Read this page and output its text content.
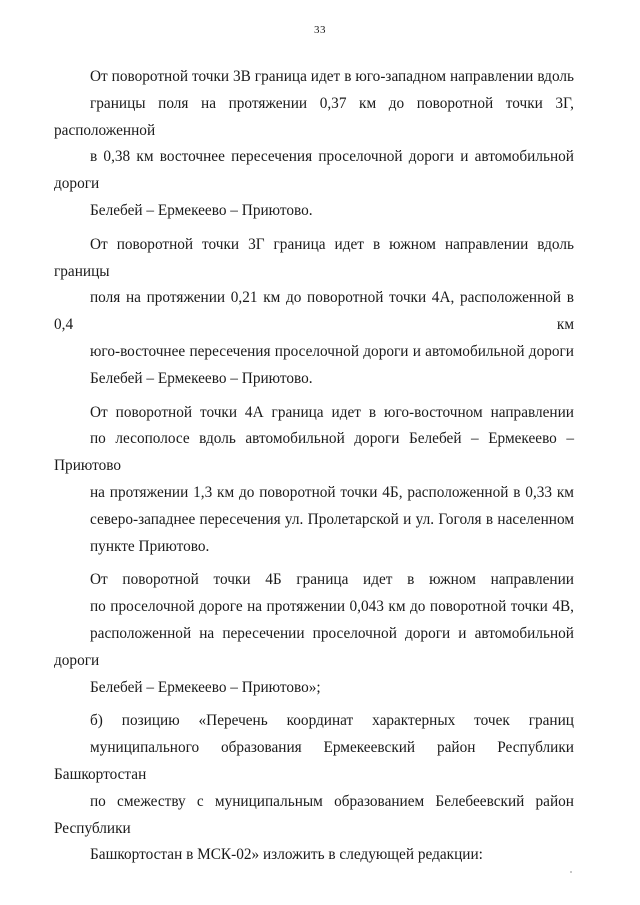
33
От поворотной точки 3В граница идет в юго-западном направлении вдоль
границы поля на протяжении 0,37 км до поворотной точки 3Г, расположенной
в 0,38 км восточнее пересечения проселочной дороги и автомобильной дороги
Белебей – Ермекеево – Приютово.
От поворотной точки 3Г граница идет в южном направлении вдоль границы
поля на протяжении 0,21 км до поворотной точки 4А, расположенной в 0,4 км
юго-восточнее пересечения проселочной дороги и автомобильной дороги
Белебей – Ермекеево – Приютово.
От поворотной точки 4А граница идет в юго-восточном направлении
по лесополосе вдоль автомобильной дороги Белебей – Ермекеево – Приютово
на протяжении 1,3 км до поворотной точки 4Б, расположенной в 0,33 км
северо-западнее пересечения ул. Пролетарской и ул. Гоголя в населенном
пункте Приютово.
От поворотной точки 4Б граница идет в южном направлении
по проселочной дороге на протяжении 0,043 км до поворотной точки 4В,
расположенной на пересечении проселочной дороги и автомобильной дороги
Белебей – Ермекеево – Приютово»;
б) позицию «Перечень координат характерных точек границ
муниципального образования Ермекеевский район Республики Башкортостан
по смежеству с муниципальным образованием Белебеевский район Республики
Башкортостан в МСК-02» изложить в следующей редакции:
